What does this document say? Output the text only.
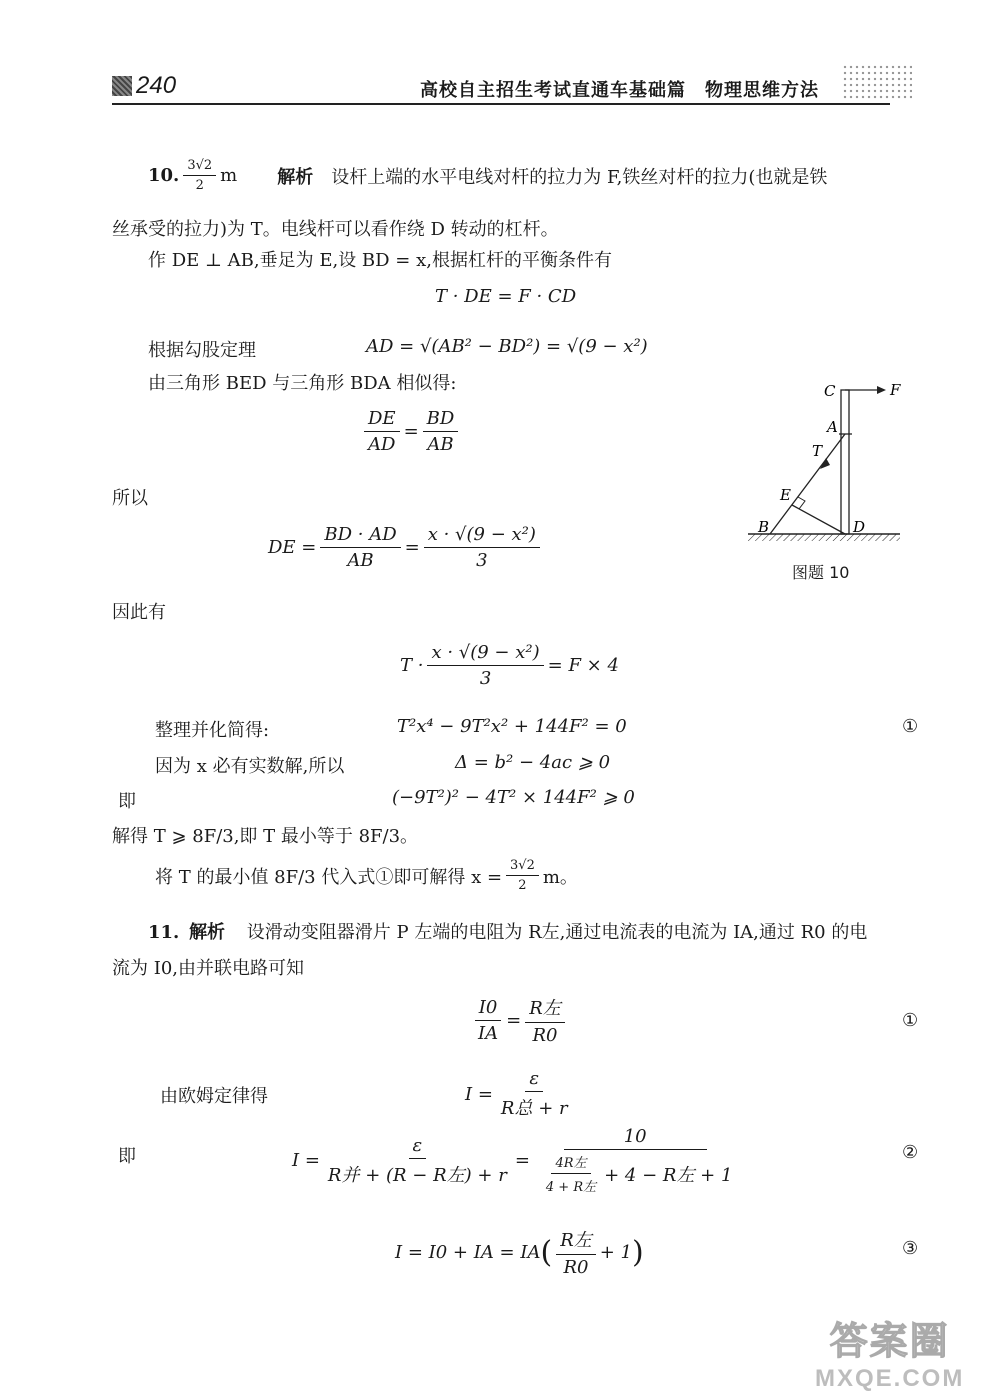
240	高校自主招生考试直通车基础篇　物理思维方法
10. $\frac{3√2}{2}$ m 解析 设杆上端的水平电线对杆的拉力为 F,铁丝对杆的拉力(也就是铁
丝承受的拉力)为 T。电线杆可以看作绕 D 转动的杠杆。
作 DE ⊥ AB,垂足为 E,设 BD = x,根据杠杆的平衡条件有
T · DE = F · CD
根据勾股定理	AD = √(AB² − BD²) = √(9 − x²)
由三角形 BED 与三角形 BDA 相似得:
$\frac{DE}{AD} = \frac{BD}{AB}$
所以
DE = $\frac{BD \cdot AD}{AB} = \frac{\text{x · √(9 − x²)}}{3}$
因此有
$T \cdot \frac{\text{x · √(9 − x²)}}{3} = F \times 4$
整理并化简得:	T²x⁴ − 9T²x² + 144F² = 0	①
因为 x 必有实数解,所以	Δ = b² − 4ac ⩾ 0
即	(−9T²)² − 4T² × 144F² ⩾ 0
解得 T ⩾ 8F/3,即 T 最小等于 8F/3。
将 T 的最小值 8F/3 代入式①即可解得 $x = \frac{3√2}{2}$ m。
C	F
A
T
E
B	D
图题 10
11. 解析 设滑动变阻器滑片 P 左端的电阻为 R左,通过电流表的电流为 IA,通过 R0 的电
流为 I0,由并联电路可知
$\frac{I0}{IA} = \frac{\text{R左}}{R0}$	①
由欧姆定律得	$I = \frac{\varepsilon}{\text{R总 + r}}$
即	$I = \frac{\varepsilon}{\text{R并 + (R − R左) + r}} = \frac{10}{\frac{\text{4R左}}{\text{4 + R左}} + 4 - R左 + 1}$	②
I = I0 + IA = IA ( $\frac{\text{R左}}{R0} + 1$ )	③
答案圈
MXQE.COM
